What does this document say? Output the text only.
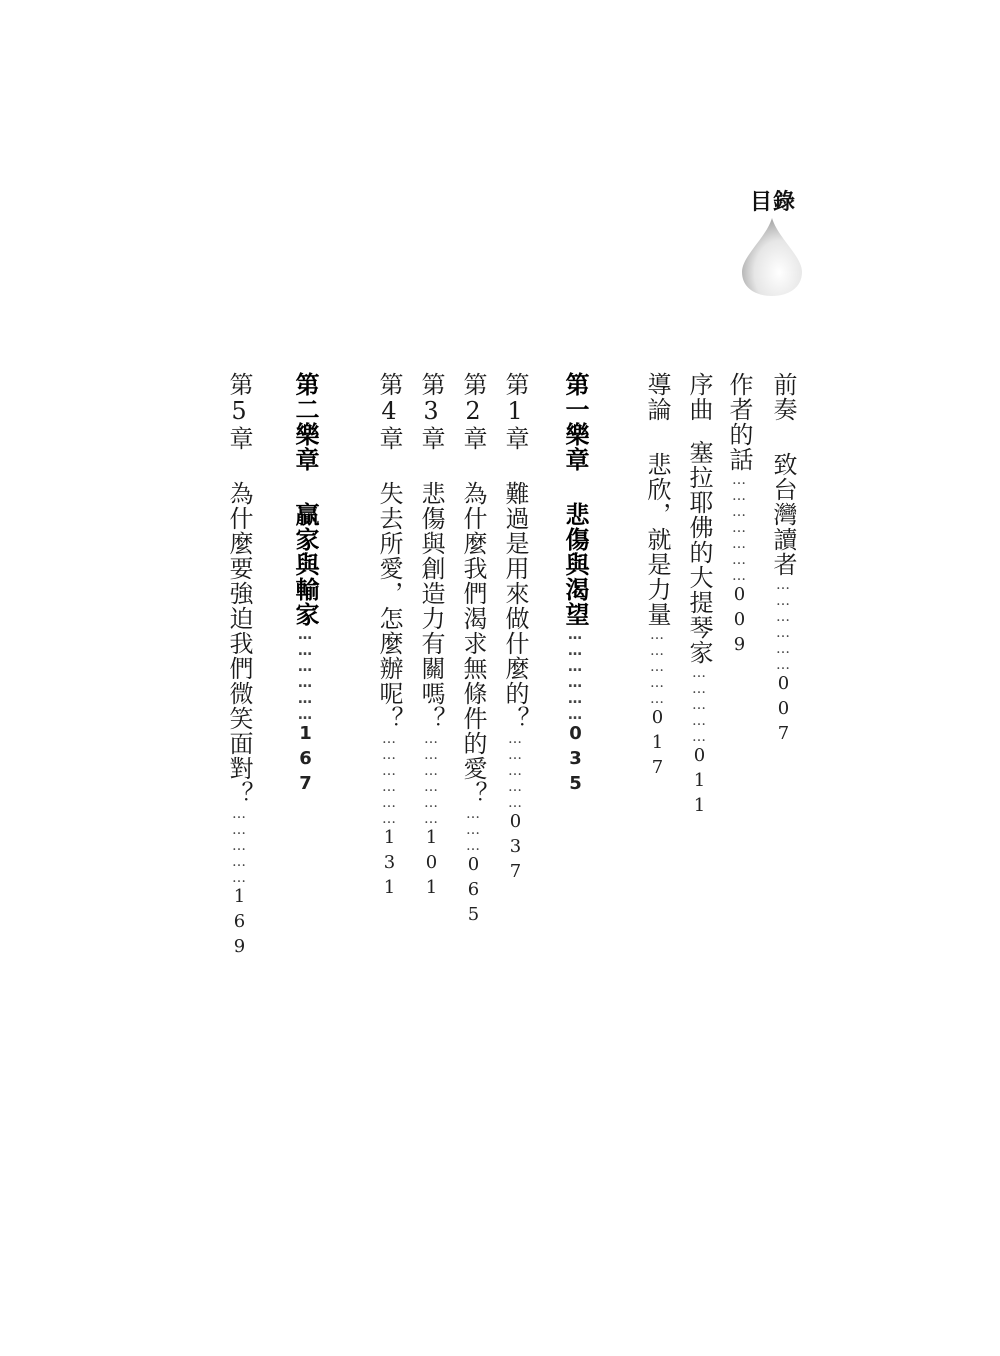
目錄
前奏致台灣讀者………………007
作者的話…………………009
序曲塞拉耶佛的大提琴家……………011
導論悲欣，就是力量……………017
第一樂章悲傷與渴望………………035
第1章難過是用來做什麼的？……………037
第2章為什麼我們渴求無條件的愛？………065
第3章悲傷與創造力有關嗎？………………101
第4章失去所愛，怎麼辦呢？………………131
第二樂章贏家與輸家………………167
第5章為什麼要強迫我們微笑面對？……………169
